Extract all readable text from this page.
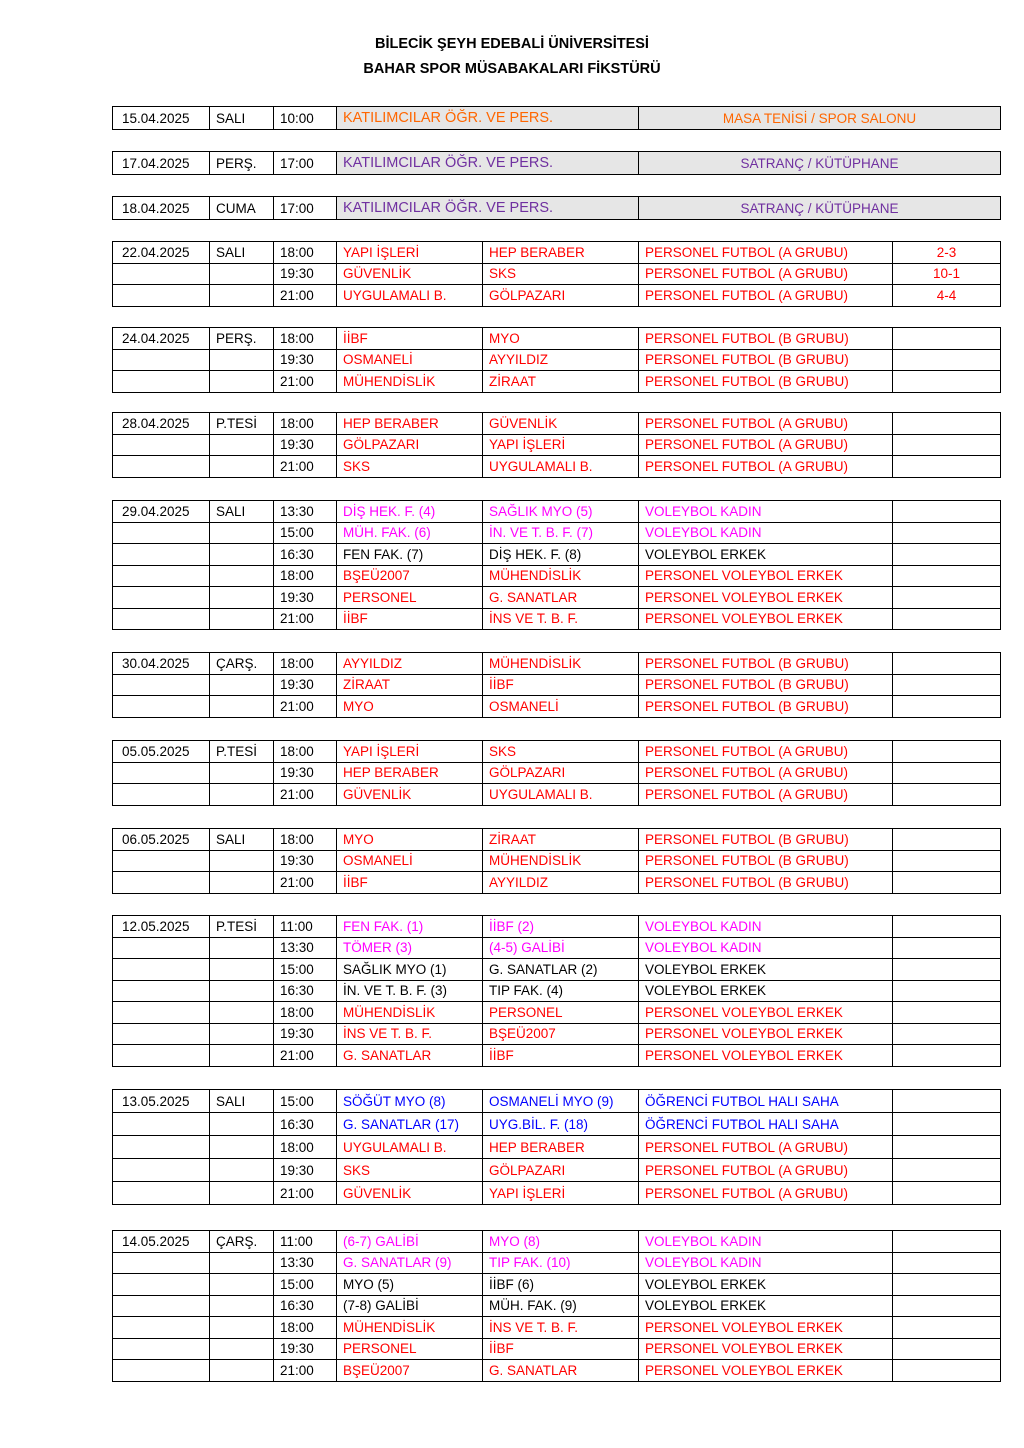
BİLECİK ŞEYH EDEBALİ ÜNİVERSİTESİ
BAHAR SPOR MÜSABAKALARI FİKSTÜRÜ
15.04.2025	SALI	10:00	KATILIMCILAR ÖĞR. VE PERS.	MASA TENİSİ / SPOR SALONU
17.04.2025	PERŞ.	17:00	KATILIMCILAR ÖĞR. VE PERS.	SATRANÇ / KÜTÜPHANE
18.04.2025	CUMA	17:00	KATILIMCILAR ÖĞR. VE PERS.	SATRANÇ / KÜTÜPHANE
22.04.2025	SALI	18:00	YAPI İŞLERİ	HEP BERABER	PERSONEL FUTBOL (A GRUBU)	2-3
		19:30	GÜVENLİK	SKS	PERSONEL FUTBOL (A GRUBU)	10-1
		21:00	UYGULAMALI B.	GÖLPAZARI	PERSONEL FUTBOL (A GRUBU)	4-4
24.04.2025	PERŞ.	18:00	İİBF	MYO	PERSONEL FUTBOL (B GRUBU)	
		19:30	OSMANELİ	AYYILDIZ	PERSONEL FUTBOL (B GRUBU)	
		21:00	MÜHENDİSLİK	ZİRAAT	PERSONEL FUTBOL (B GRUBU)	
28.04.2025	P.TESİ	18:00	HEP BERABER	GÜVENLİK	PERSONEL FUTBOL (A GRUBU)	
		19:30	GÖLPAZARI	YAPI İŞLERİ	PERSONEL FUTBOL (A GRUBU)	
		21:00	SKS	UYGULAMALI B.	PERSONEL FUTBOL (A GRUBU)	
29.04.2025	SALI	13:30	DİŞ HEK. F. (4)	SAĞLIK MYO (5)	VOLEYBOL KADIN	
		15:00	MÜH. FAK. (6)	İN. VE T. B. F. (7)	VOLEYBOL KADIN	
		16:30	FEN FAK. (7)	DİŞ HEK. F. (8)	VOLEYBOL ERKEK	
		18:00	BŞEÜ2007	MÜHENDİSLİK	PERSONEL VOLEYBOL ERKEK	
		19:30	PERSONEL	G. SANATLAR	PERSONEL VOLEYBOL ERKEK	
		21:00	İİBF	İNS VE T. B. F.	PERSONEL VOLEYBOL ERKEK	
30.04.2025	ÇARŞ.	18:00	AYYILDIZ	MÜHENDİSLİK	PERSONEL FUTBOL (B GRUBU)	
		19:30	ZİRAAT	İİBF	PERSONEL FUTBOL (B GRUBU)	
		21:00	MYO	OSMANELİ	PERSONEL FUTBOL (B GRUBU)	
05.05.2025	P.TESİ	18:00	YAPI İŞLERİ	SKS	PERSONEL FUTBOL (A GRUBU)	
		19:30	HEP BERABER	GÖLPAZARI	PERSONEL FUTBOL (A GRUBU)	
		21:00	GÜVENLİK	UYGULAMALI B.	PERSONEL FUTBOL (A GRUBU)	
06.05.2025	SALI	18:00	MYO	ZİRAAT	PERSONEL FUTBOL (B GRUBU)	
		19:30	OSMANELİ	MÜHENDİSLİK	PERSONEL FUTBOL (B GRUBU)	
		21:00	İİBF	AYYILDIZ	PERSONEL FUTBOL (B GRUBU)	
12.05.2025	P.TESİ	11:00	FEN FAK. (1)	İİBF (2)	VOLEYBOL KADIN	
		13:30	TÖMER (3)	(4-5) GALİBİ	VOLEYBOL KADIN	
		15:00	SAĞLIK MYO (1)	G. SANATLAR (2)	VOLEYBOL ERKEK	
		16:30	İN. VE T. B. F. (3)	TIP FAK. (4)	VOLEYBOL ERKEK	
		18:00	MÜHENDİSLİK	PERSONEL	PERSONEL VOLEYBOL ERKEK	
		19:30	İNS VE T. B. F.	BŞEÜ2007	PERSONEL VOLEYBOL ERKEK	
		21:00	G. SANATLAR	İİBF	PERSONEL VOLEYBOL ERKEK	
13.05.2025	SALI	15:00	SÖĞÜT MYO (8)	OSMANELİ MYO (9)	ÖĞRENCİ FUTBOL HALI SAHA	
		16:30	G. SANATLAR (17)	UYG.BİL. F. (18)	ÖĞRENCİ FUTBOL HALI SAHA	
		18:00	UYGULAMALI B.	HEP BERABER	PERSONEL FUTBOL (A GRUBU)	
		19:30	SKS	GÖLPAZARI	PERSONEL FUTBOL (A GRUBU)	
		21:00	GÜVENLİK	YAPI İŞLERİ	PERSONEL FUTBOL (A GRUBU)	
14.05.2025	ÇARŞ.	11:00	(6-7) GALİBİ	MYO (8)	VOLEYBOL KADIN	
		13:30	G. SANATLAR (9)	TIP FAK. (10)	VOLEYBOL KADIN	
		15:00	MYO (5)	İİBF (6)	VOLEYBOL ERKEK	
		16:30	(7-8) GALİBİ	MÜH. FAK. (9)	VOLEYBOL ERKEK	
		18:00	MÜHENDİSLİK	İNS VE T. B. F.	PERSONEL VOLEYBOL ERKEK	
		19:30	PERSONEL	İİBF	PERSONEL VOLEYBOL ERKEK	
		21:00	BŞEÜ2007	G. SANATLAR	PERSONEL VOLEYBOL ERKEK	
